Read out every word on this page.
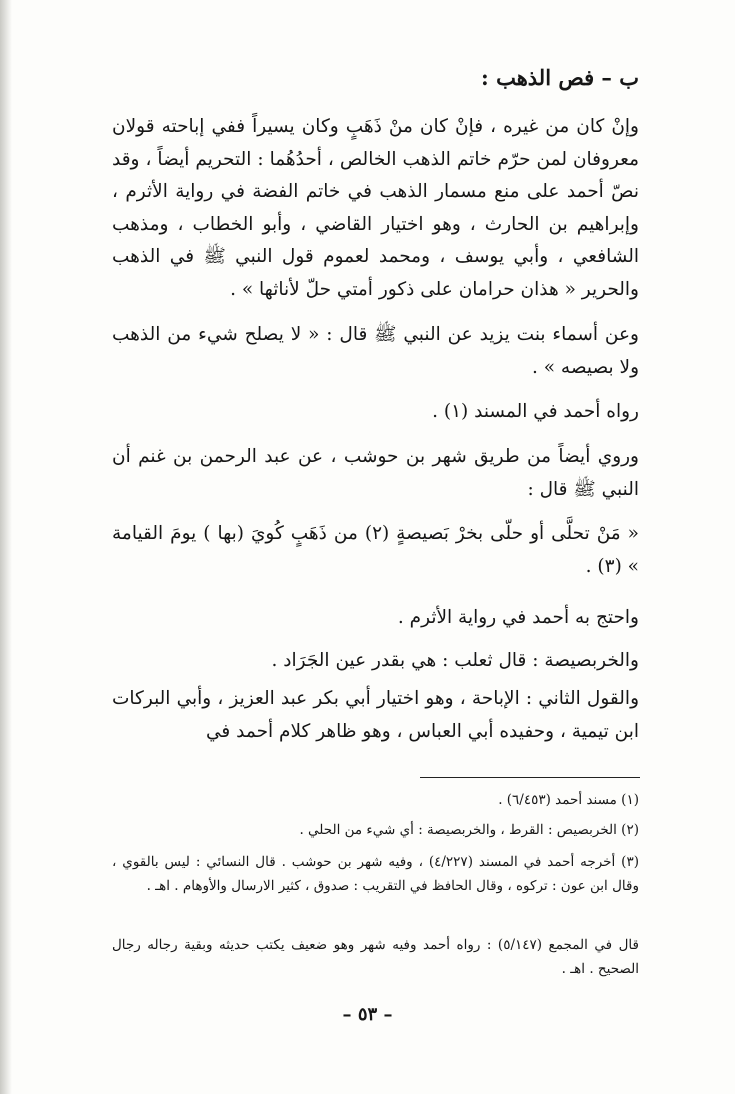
ب – فص الذهب :

وإنْ كان من غيره ، فإنْ كان منْ ذَهَبٍ وكان يسيراً ففي إباحته قولان معروفان لمن حرّم خاتم الذهب الخالص ، أحدُهُما : التحريم أيضاً ، وقد نصّ أحمد على منع مسمار الذهب في خاتم الفضة في رواية الأثرم ، وإبراهيم بن الحارث ، وهو اختيار القاضي ، وأبو الخطاب ، ومذهب الشافعي ، وأبي يوسف ، ومحمد لعموم قول النبي ﷺ في الذهب والحرير « هذان حرامان على ذكور أمتي حلّ لأناثها » .

وعن أسماء بنت يزيد عن النبي ﷺ قال : « لا يصلح شيء من الذهب ولا بصيصه » .

رواه أحمد في المسند (١) .

وروي أيضاً من طريق شهر بن حوشب ، عن عبد الرحمن بن غنم أن النبي ﷺ قال :

« مَنْ تحلَّى أو حلّى بخرْ بَصيصةٍ (٢) من ذَهَبٍ كُويَ (بها ) يومَ القيامة » (٣) .

واحتج به أحمد في رواية الأثرم .

والخربصيصة : قال ثعلب : هي بقدر عين الجَرَاد .

والقول الثاني : الإباحة ، وهو اختيار أبي بكر عبد العزيز ، وأبي البركات ابن تيمية ، وحفيده أبي العباس ، وهو ظاهر كلام أحمد في

(١) مسند أحمد (٦/٤٥٣) .

(٢) الخربصيص : القرط ، والخربصيصة : أي شيء من الحلي .

(٣) أخرجه أحمد في المسند (٤/٢٢٧) ، وفيه شهر بن حوشب . قال النسائي : ليس بالقوي ، وقال ابن عون : تركوه ، وقال الحافظ في التقريب : صدوق ، كثير الارسال والأوهام . اهـ .

قال في المجمع (٥/١٤٧) : رواه أحمد وفيه شهر وهو ضعيف يكتب حديثه وبقية رجاله رجال الصحيح . اهـ .

– ٥٣ –
